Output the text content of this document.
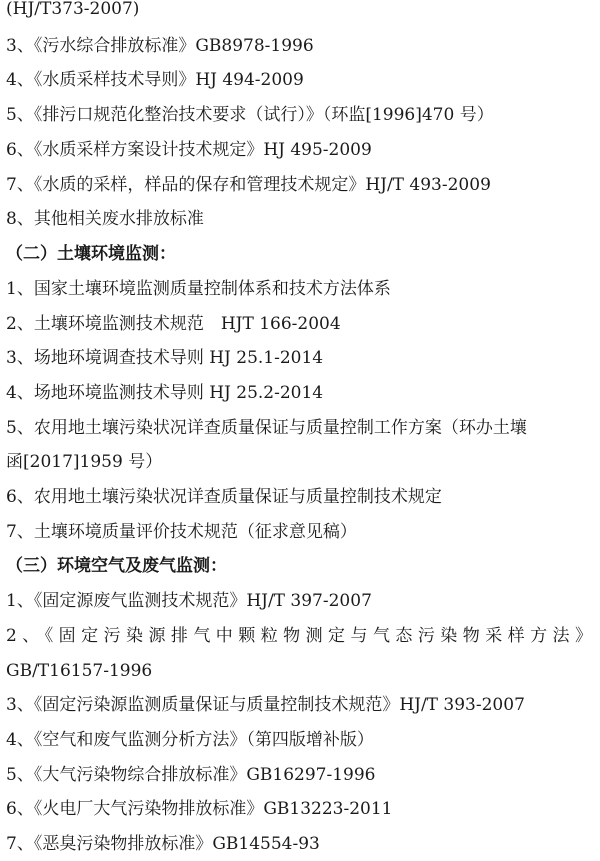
(HJ/T373-2007)
3、《污水综合排放标准》GB8978-1996
4、《水质采样技术导则》HJ 494-2009
5、《排污口规范化整治技术要求（试行）》（环监[1996]470 号）
6、《水质采样方案设计技术规定》HJ 495-2009
7、《水质的采样，样品的保存和管理技术规定》HJ/T 493-2009
8、其他相关废水排放标准
（二）土壤环境监测：
1、国家土壤环境监测质量控制体系和技术方法体系
2、土壤环境监测技术规范　HJT 166-2004
3、场地环境调查技术导则 HJ 25.1-2014
4、场地环境监测技术导则 HJ 25.2-2014
5、农用地土壤污染状况详查质量保证与质量控制工作方案（环办土壤
函[2017]1959 号）
6、农用地土壤污染状况详查质量保证与质量控制技术规定
7、土壤环境质量评价技术规范（征求意见稿）
（三）环境空气及废气监测：
1、《固定源废气监测技术规范》HJ/T 397-2007
2、《固定污染源排气中颗粒物测定与气态污染物采样方法》
GB/T16157-1996
3、《固定污染源监测质量保证与质量控制技术规范》HJ/T 393-2007
4、《空气和废气监测分析方法》（第四版增补版）
5、《大气污染物综合排放标准》GB16297-1996
6、《火电厂大气污染物排放标准》GB13223-2011
7、《恶臭污染物排放标准》GB14554-93
